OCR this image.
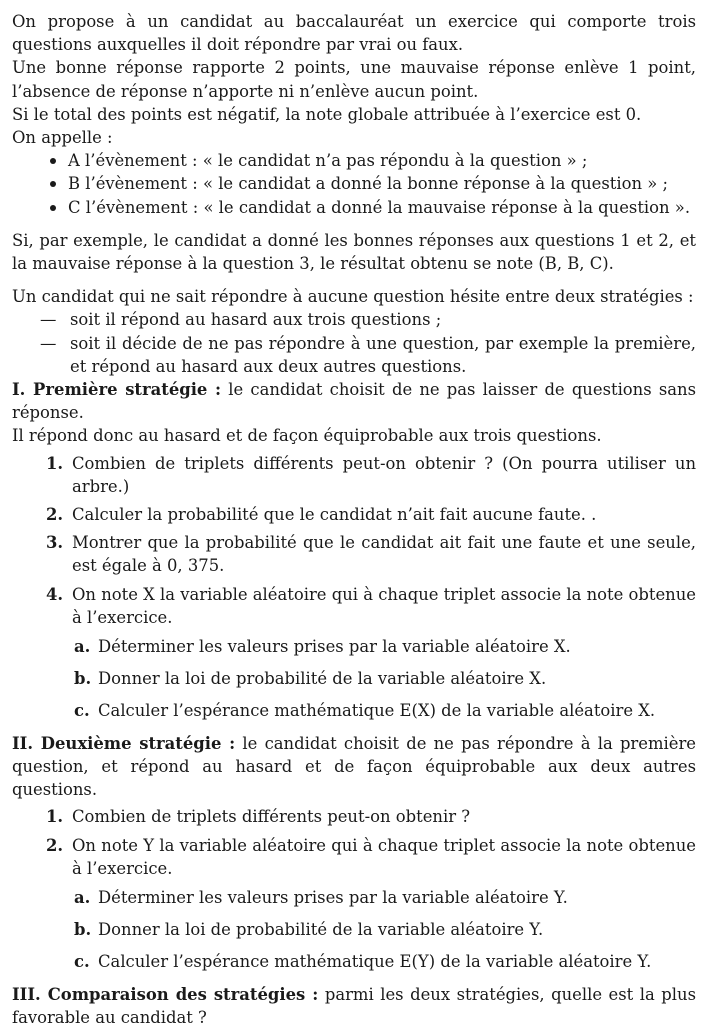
On propose à un candidat au baccalauréat un exercice qui comporte trois questions auxquelles il doit répondre par vrai ou faux.

Une bonne réponse rapporte 2 points, une mauvaise réponse enlève 1 point, l’absence de réponse n’apporte ni n’enlève aucun point.

Si le total des points est négatif, la note globale attribuée à l’exercice est 0.

On appelle :

A l’évènement : « le candidat n’a pas répondu à la question » ;
B l’évènement : « le candidat a donné la bonne réponse à la question » ;
C l’évènement : « le candidat a donné la mauvaise réponse à la question ».

Si, par exemple, le candidat a donné les bonnes réponses aux questions 1 et 2, et la mauvaise réponse à la question 3, le résultat obtenu se note (B, B, C).

Un candidat qui ne sait répondre à aucune question hésite entre deux stratégies :

— soit il répond au hasard aux trois questions ;
— soit il décide de ne pas répondre à une question, par exemple la première, et répond au hasard aux deux autres questions.

I. Première stratégie : le candidat choisit de ne pas laisser de questions sans réponse.

Il répond donc au hasard et de façon équiprobable aux trois questions.

1. Combien de triplets différents peut-on obtenir ? (On pourra utiliser un arbre.)
2. Calculer la probabilité que le candidat n’ait fait aucune faute. .
3. Montrer que la probabilité que le candidat ait fait une faute et une seule, est égale à 0, 375.
4. On note X la variable aléatoire qui à chaque triplet associe la note obtenue à l’exercice.
a. Déterminer les valeurs prises par la variable aléatoire X.
b. Donner la loi de probabilité de la variable aléatoire X.
c. Calculer l’espérance mathématique E(X) de la variable aléatoire X.

II. Deuxième stratégie : le candidat choisit de ne pas répondre à la première question, et répond au hasard et de façon équiprobable aux deux autres questions.

1. Combien de triplets différents peut-on obtenir ?
2. On note Y la variable aléatoire qui à chaque triplet associe la note obtenue à l’exercice.
a. Déterminer les valeurs prises par la variable aléatoire Y.
b. Donner la loi de probabilité de la variable aléatoire Y.
c. Calculer l’espérance mathématique E(Y) de la variable aléatoire Y.

III. Comparaison des stratégies : parmi les deux stratégies, quelle est la plus favorable au candidat ?
